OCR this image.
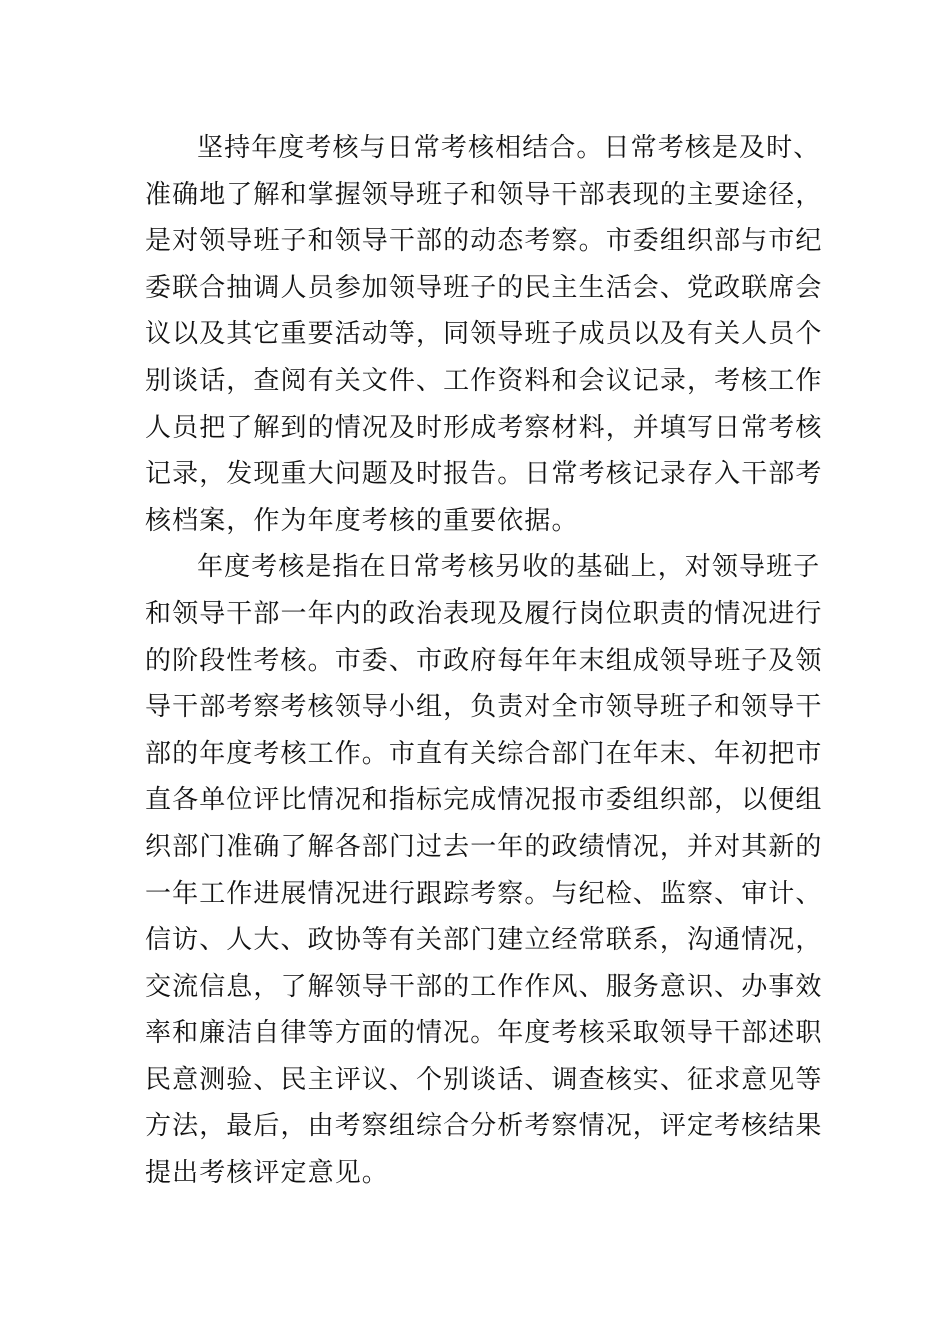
坚持年度考核与日常考核相结合。日常考核是及时、
准确地了解和掌握领导班子和领导干部表现的主要途径，
是对领导班子和领导干部的动态考察。市委组织部与市纪
委联合抽调人员参加领导班子的民主生活会、党政联席会
议以及其它重要活动等，同领导班子成员以及有关人员个
别谈话，查阅有关文件、工作资料和会议记录，考核工作
人员把了解到的情况及时形成考察材料，并填写日常考核
记录，发现重大问题及时报告。日常考核记录存入干部考
核档案，作为年度考核的重要依据。
年度考核是指在日常考核另收的基础上，对领导班子
和领导干部一年内的政治表现及履行岗位职责的情况进行
的阶段性考核。市委、市政府每年年末组成领导班子及领
导干部考察考核领导小组，负责对全市领导班子和领导干
部的年度考核工作。市直有关综合部门在年末、年初把市
直各单位评比情况和指标完成情况报市委组织部，以便组
织部门准确了解各部门过去一年的政绩情况，并对其新的
一年工作进展情况进行跟踪考察。与纪检、监察、审计、
信访、人大、政协等有关部门建立经常联系，沟通情况，
交流信息，了解领导干部的工作作风、服务意识、办事效
率和廉洁自律等方面的情况。年度考核采取领导干部述职
民意测验、民主评议、个别谈话、调查核实、征求意见等
方法，最后，由考察组综合分析考察情况，评定考核结果
提出考核评定意见。
